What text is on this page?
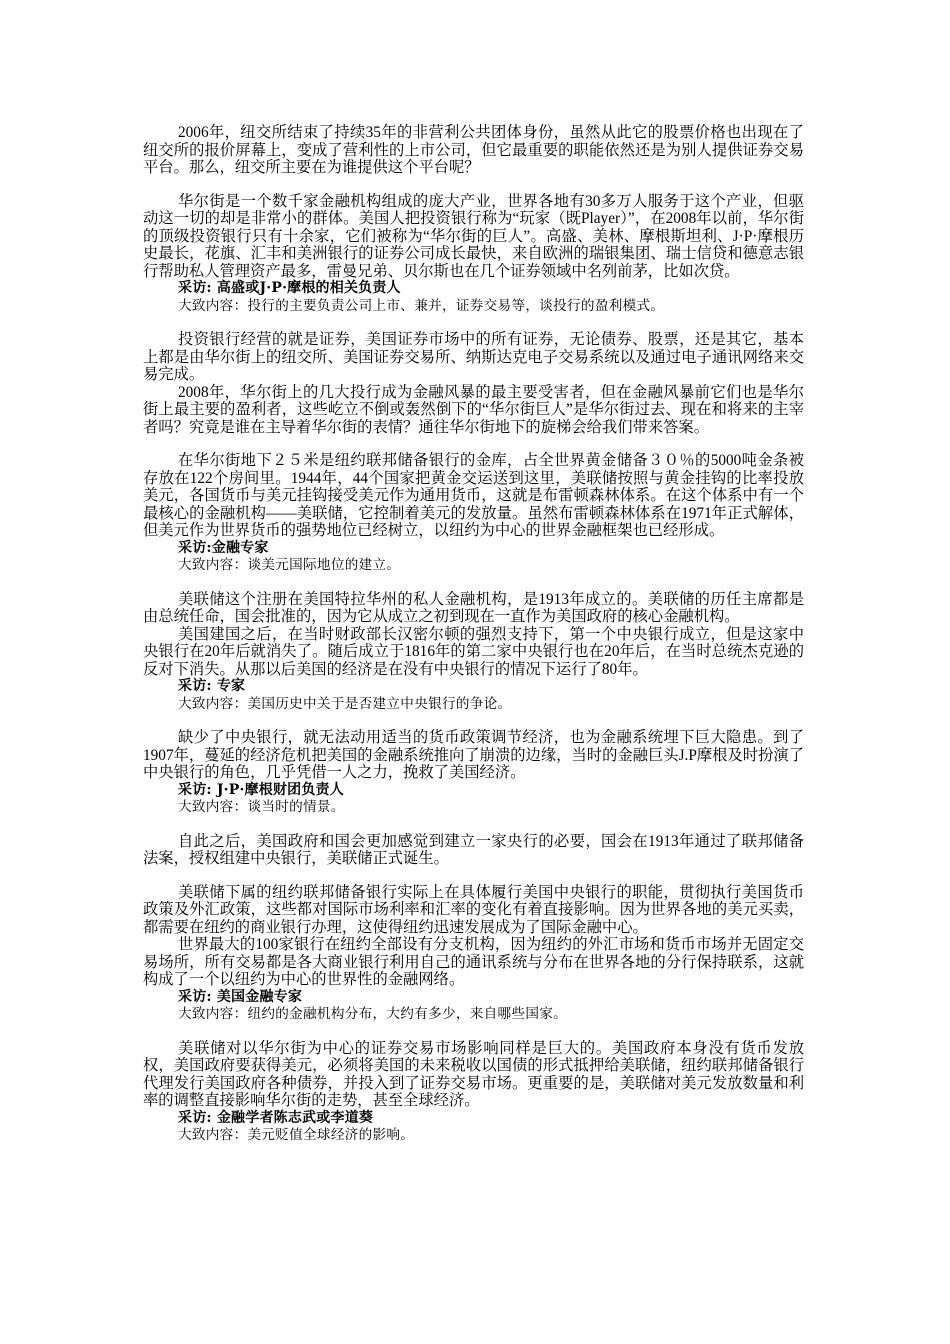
2006年，纽交所结束了持续35年的非营利公共团体身份，虽然从此它的股票价格也出现在了纽交所的报价屏幕上，变成了营利性的上市公司，但它最重要的职能依然还是为别人提供证券交易平台。那么，纽交所主要在为谁提供这个平台呢？

华尔街是一个数千家金融机构组成的庞大产业，世界各地有30多万人服务于这个产业，但驱动这一切的却是非常小的群体。美国人把投资银行称为“玩家（既Player）”，在2008年以前，华尔街的顶级投资银行只有十余家，它们被称为“华尔街的巨人”。高盛、美林、摩根斯坦利、J·P·摩根历史最长，花旗、汇丰和美洲银行的证券公司成长最快，来自欧洲的瑞银集团、瑞士信贷和德意志银行帮助私人管理资产最多，雷曼兄弟、贝尔斯也在几个证券领域中名列前茅，比如次贷。

采访: 高盛或J·P·摩根的相关负责人

大致内容：投行的主要负责公司上市、兼并，证券交易等，谈投行的盈利模式。

投资银行经营的就是证券，美国证券市场中的所有证券，无论债券、股票，还是其它，基本上都是由华尔街上的纽交所、美国证券交易所、纳斯达克电子交易系统以及通过电子通讯网络来交易完成。

2008年，华尔街上的几大投行成为金融风暴的最主要受害者，但在金融风暴前它们也是华尔街上最主要的盈利者，这些屹立不倒或轰然倒下的“华尔街巨人”是华尔街过去、现在和将来的主宰者吗？究竟是谁在主导着华尔街的表情？通往华尔街地下的旋梯会给我们带来答案。

在华尔街地下２５米是纽约联邦储备银行的金库，占全世界黄金储备３０％的5000吨金条被存放在122个房间里。1944年，44个国家把黄金交运送到这里，美联储按照与黄金挂钩的比率投放美元，各国货币与美元挂钩接受美元作为通用货币，这就是布雷顿森林体系。在这个体系中有一个最核心的金融机构——美联储，它控制着美元的发放量。虽然布雷顿森林体系在1971年正式解体，但美元作为世界货币的强势地位已经树立，以纽约为中心的世界金融框架也已经形成。

采访:金融专家

大致内容：谈美元国际地位的建立。

美联储这个注册在美国特拉华州的私人金融机构，是1913年成立的。美联储的历任主席都是由总统任命，国会批准的，因为它从成立之初到现在一直作为美国政府的核心金融机构。

美国建国之后，在当时财政部长汉密尔顿的强烈支持下，第一个中央银行成立，但是这家中央银行在20年后就消失了。随后成立于1816年的第二家中央银行也在20年后，在当时总统杰克逊的反对下消失。从那以后美国的经济是在没有中央银行的情况下运行了80年。

采访: 专家

大致内容：美国历史中关于是否建立中央银行的争论。

缺少了中央银行，就无法动用适当的货币政策调节经济，也为金融系统埋下巨大隐患。到了1907年，蔓延的经济危机把美国的金融系统推向了崩溃的边缘，当时的金融巨头J.P摩根及时扮演了中央银行的角色，几乎凭借一人之力，挽救了美国经济。

采访: J·P·摩根财团负责人

大致内容：谈当时的情景。

自此之后，美国政府和国会更加感觉到建立一家央行的必要，国会在1913年通过了联邦储备法案，授权组建中央银行，美联储正式诞生。

美联储下属的纽约联邦储备银行实际上在具体履行美国中央银行的职能，贯彻执行美国货币政策及外汇政策，这些都对国际市场利率和汇率的变化有着直接影响。因为世界各地的美元买卖，都需要在纽约的商业银行办理，这使得纽约迅速发展成为了国际金融中心。

世界最大的100家银行在纽约全部设有分支机构，因为纽约的外汇市场和货币市场并无固定交易场所，所有交易都是各大商业银行利用自己的通讯系统与分布在世界各地的分行保持联系，这就构成了一个以纽约为中心的世界性的金融网络。

采访: 美国金融专家

大致内容：纽约的金融机构分布，大约有多少，来自哪些国家。

美联储对以华尔街为中心的证券交易市场影响同样是巨大的。美国政府本身没有货币发放权，美国政府要获得美元，必须将美国的未来税收以国债的形式抵押给美联储，纽约联邦储备银行代理发行美国政府各种债券，并投入到了证券交易市场。更重要的是，美联储对美元发放数量和利率的调整直接影响华尔街的走势，甚至全球经济。

采访: 金融学者陈志武或李道葵

大致内容：美元贬值全球经济的影响。
